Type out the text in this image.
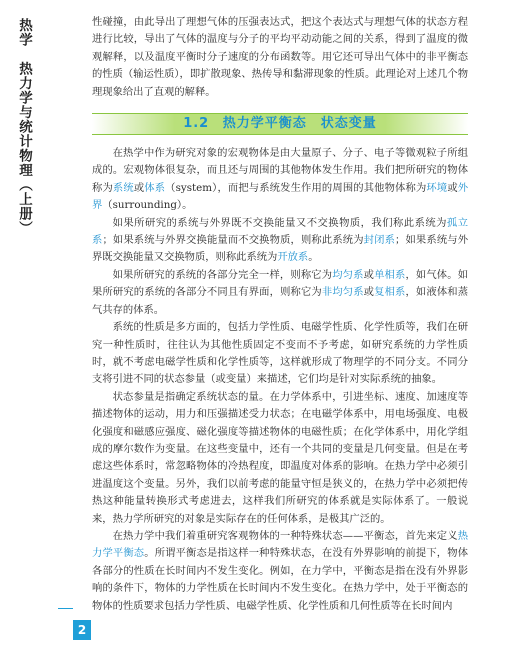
热学　热力学与统计物理（上册）
2

性碰撞，由此导出了理想气体的压强表达式，把这个表达式与理想气体的状态方程进行比较，导出了气体的温度与分子的平均平动动能之间的关系，得到了温度的微观解释，以及温度平衡时分子速度的分布函数等。用它还可导出气体中的非平衡态的性质（输运性质），即扩散现象、热传导和黏滞现象的性质。此理论对上述几个物理现象给出了直观的解释。

1.2 热力学平衡态　状态变量

在热学中作为研究对象的宏观物体是由大量原子、分子、电子等微观粒子所组成的。宏观物体很复杂，而且还与周围的其他物体发生作用。我们把所研究的物体称为系统或体系（system），而把与系统发生作用的周围的其他物体称为环境或外界（surrounding）。

如果所研究的系统与外界既不交换能量又不交换物质，我们称此系统为孤立系；如果系统与外界交换能量而不交换物质，则称此系统为封闭系；如果系统与外界既交换能量又交换物质，则称此系统为开放系。

如果所研究的系统的各部分完全一样，则称它为均匀系或单相系，如气体。如果所研究的系统的各部分不同且有界面，则称它为非均匀系或复相系，如液体和蒸气共存的体系。

系统的性质是多方面的，包括力学性质、电磁学性质、化学性质等，我们在研究一种性质时，往往认为其他性质固定不变而不予考虑，如研究系统的力学性质时，就不考虑电磁学性质和化学性质等，这样就形成了物理学的不同分支。不同分支将引进不同的状态参量（或变量）来描述，它们均是针对实际系统的抽象。

状态参量是指确定系统状态的量。在力学体系中，引进坐标、速度、加速度等描述物体的运动，用力和压强描述受力状态；在电磁学体系中，用电场强度、电极化强度和磁感应强度、磁化强度等描述物体的电磁性质；在化学体系中，用化学组成的摩尔数作为变量。在这些变量中，还有一个共同的变量是几何变量。但是在考虑这些体系时，常忽略物体的冷热程度，即温度对体系的影响。在热力学中必须引进温度这个变量。另外，我们以前考虑的能量守恒是狭义的，在热力学中必须把传热这种能量转换形式考虑进去，这样我们所研究的体系就是实际体系了。一般说来，热力学所研究的对象是实际存在的任何体系，是极其广泛的。

在热力学中我们着重研究客观物体的一种特殊状态——平衡态，首先来定义热力学平衡态。所谓平衡态是指这样一种特殊状态，在没有外界影响的前提下，物体各部分的性质在长时间内不发生变化。例如，在力学中，平衡态是指在没有外界影响的条件下，物体的力学性质在长时间内不发生变化。在热力学中，处于平衡态的物体的性质要求包括力学性质、电磁学性质、化学性质和几何性质等在长时间内
